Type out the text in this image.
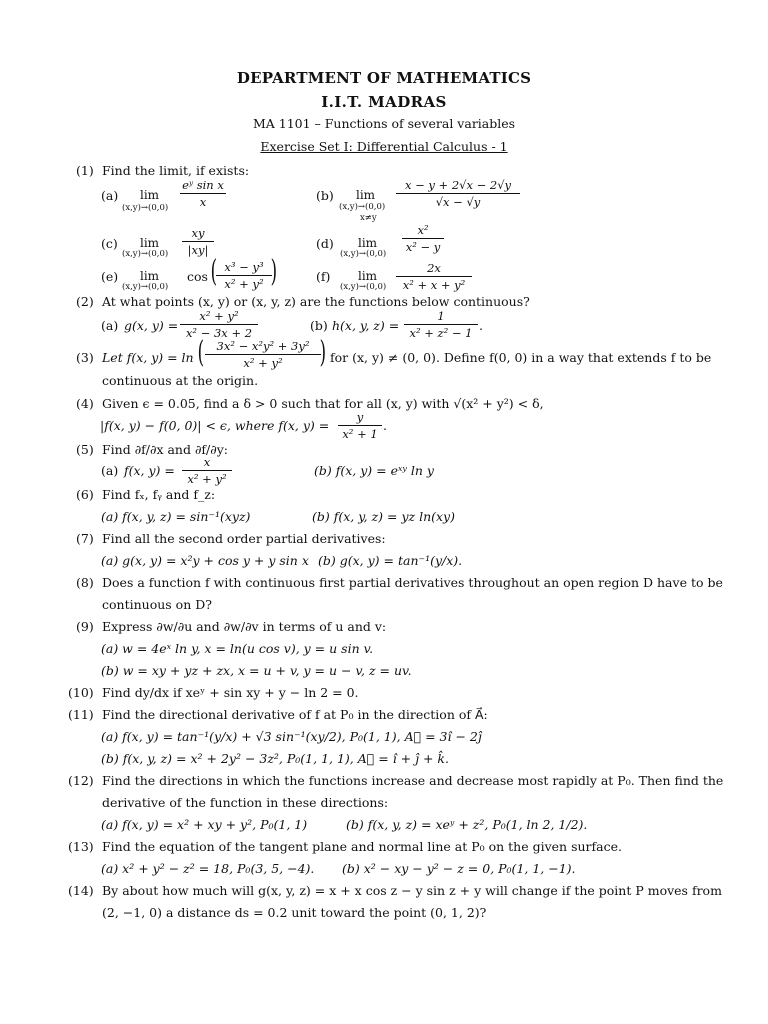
DEPARTMENT OF MATHEMATICS
I.I.T. MADRAS
MA 1101 – Functions of several variables
Exercise Set I: Differential Calculus - 1
(1) Find the limit, if exists:
(a) lim
(x,y)→(0,0)
eʸ sin x
x	(b) lim
(x,y)→(0,0)
x≠y
x − y + 2√x − 2√y
√x − √y
(c) lim
(x,y)→(0,0)
xy
|xy|	(d) lim
(x,y)→(0,0)
x²
x² − y
(e) lim
(x,y)→(0,0)
cos ( x³ − y³
x² + y² )	(f) lim
(x,y)→(0,0)
2x
x² + x + y²
(2) At what points (x, y) or (x, y, z) are the functions below continuous?
(a) g(x, y) =
x² + y²
x² − 3x + 2	(b) h(x, y, z) =
1
x² + z² − 1 .
(3) Let f(x, y) = ln (	3x² − x²y² + 3y²
x² + y²	) for (x, y) ≠ (0, 0). Define f(0, 0) in a way that extends f to be
continuous at the origin.
(4) Given ϵ = 0.05, find a δ > 0 such that for all (x, y) with √(x² + y²) < δ,
|f(x, y) − f(0, 0)| < ϵ, where f(x, y) =
y
x² + 1
.
(5) Find ∂f/∂x and ∂f/∂y:
(a) f(x, y) =
x
x² + y²
(b) f(x, y) = eˣʸ ln y
(6) Find fₓ, fᵧ and f_z:
(a) f(x, y, z) = sin⁻¹(xyz)	(b) f(x, y, z) = yz ln(xy)
(7) Find all the second order partial derivatives:
(a) g(x, y) = x²y + cos y + y sin x (b) g(x, y) = tan⁻¹(y/x).
(8) Does a function f with continuous first partial derivatives throughout an open region D have to be
continuous on D?
(9) Express ∂w/∂u and ∂w/∂v in terms of u and v:
(a) w = 4eˣ ln y, x = ln(u cos v), y = u sin v.
(b) w = xy + yz + zx, x = u + v, y = u − v, z = uv.
(10) Find dy/dx if xeʸ + sin xy + y − ln 2 = 0.
(11) Find the directional derivative of f at P₀ in the direction of A⃗:
(a) f(x, y) = tan⁻¹(y/x) + √3 sin⁻¹(xy/2), P₀(1, 1), A⃗ = 3î − 2ĵ
(b) f(x, y, z) = x² + 2y² − 3z², P₀(1, 1, 1), A⃗ = î + ĵ + k̂.
(12) Find the directions in which the functions increase and decrease most rapidly at P₀. Then find the
derivative of the function in these directions:
(a) f(x, y) = x² + xy + y², P₀(1, 1)	(b) f(x, y, z) = xeʸ + z², P₀(1, ln 2, 1/2).
(13) Find the equation of the tangent plane and normal line at P₀ on the given surface.
(a) x² + y² − z² = 18, P₀(3, 5, −4). (b) x² − xy − y² − z = 0, P₀(1, 1, −1).
(14) By about how much will g(x, y, z) = x + x cos z − y sin z + y will change if the point P moves from
(2, −1, 0) a distance ds = 0.2 unit toward the point (0, 1, 2)?
